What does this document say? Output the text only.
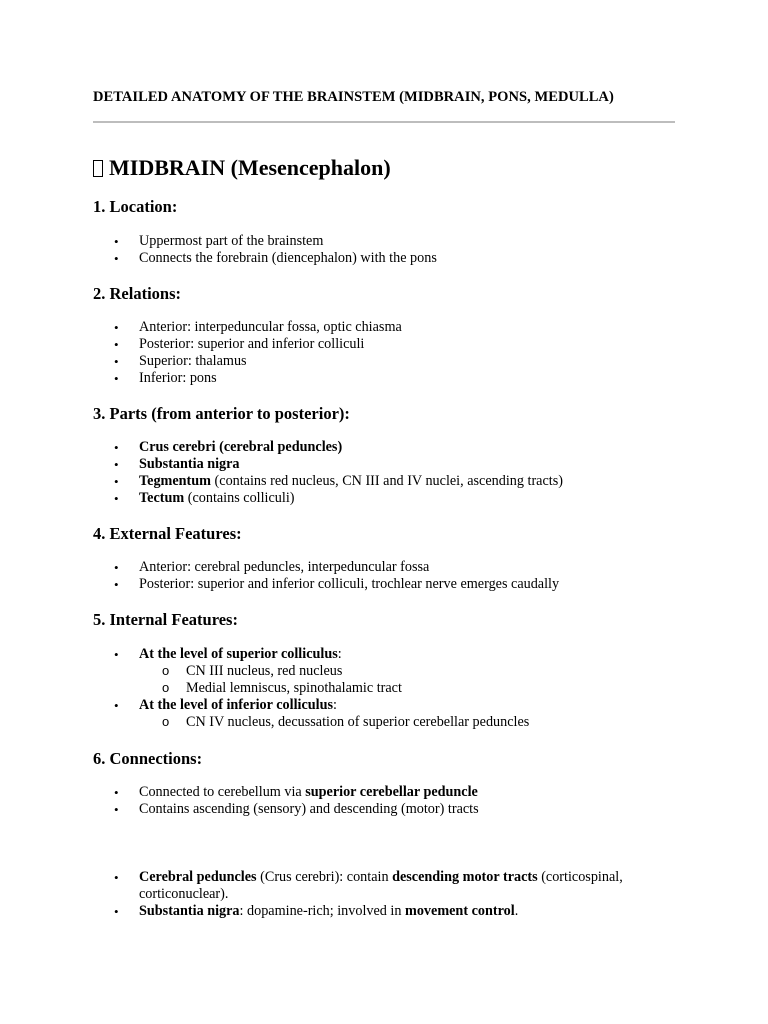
DETAILED ANATOMY OF THE BRAINSTEM (MIDBRAIN, PONS, MEDULLA)
MIDBRAIN (Mesencephalon)
1. Location:
• Uppermost part of the brainstem
• Connects the forebrain (diencephalon) with the pons
2. Relations:
• Anterior: interpeduncular fossa, optic chiasma
• Posterior: superior and inferior colliculi
• Superior: thalamus
• Inferior: pons
3. Parts (from anterior to posterior):
• Crus cerebri (cerebral peduncles)
• Substantia nigra
• Tegmentum (contains red nucleus, CN III and IV nuclei, ascending tracts)
• Tectum (contains colliculi)
4. External Features:
• Anterior: cerebral peduncles, interpeduncular fossa
• Posterior: superior and inferior colliculi, trochlear nerve emerges caudally
5. Internal Features:
• At the level of superior colliculus:
o CN III nucleus, red nucleus
o Medial lemniscus, spinothalamic tract
• At the level of inferior colliculus:
o CN IV nucleus, decussation of superior cerebellar peduncles
6. Connections:
• Connected to cerebellum via superior cerebellar peduncle
• Contains ascending (sensory) and descending (motor) tracts
• Cerebral peduncles (Crus cerebri): contain descending motor tracts (corticospinal, corticonuclear).
• Substantia nigra: dopamine-rich; involved in movement control.
